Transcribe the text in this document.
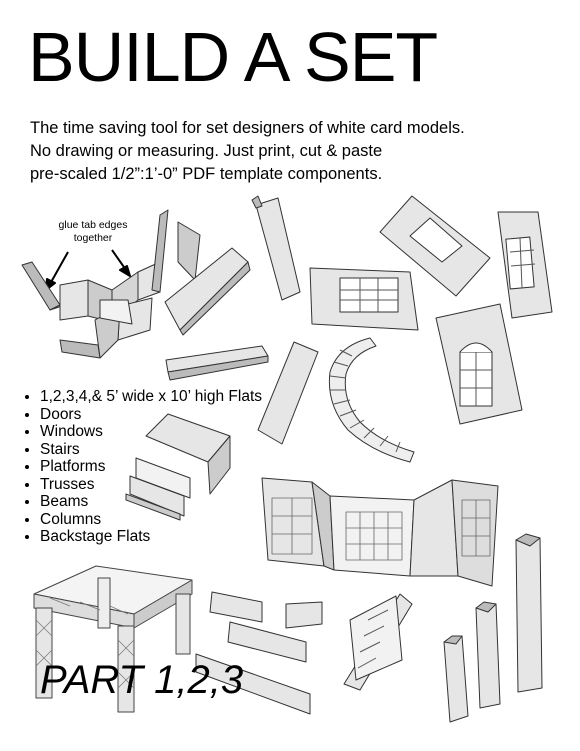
BUILD A SET
The time saving tool for set designers of white card models.
No drawing or measuring. Just print, cut & paste
pre-scaled 1/2”:1’-0” PDF template components.
glue tab edges
together
• 1,2,3,4,& 5’ wide x 10’ high Flats
• Doors
• Windows
• Stairs
• Platforms
• Trusses
• Beams
• Columns
• Backstage Flats
PART 1,2,3
